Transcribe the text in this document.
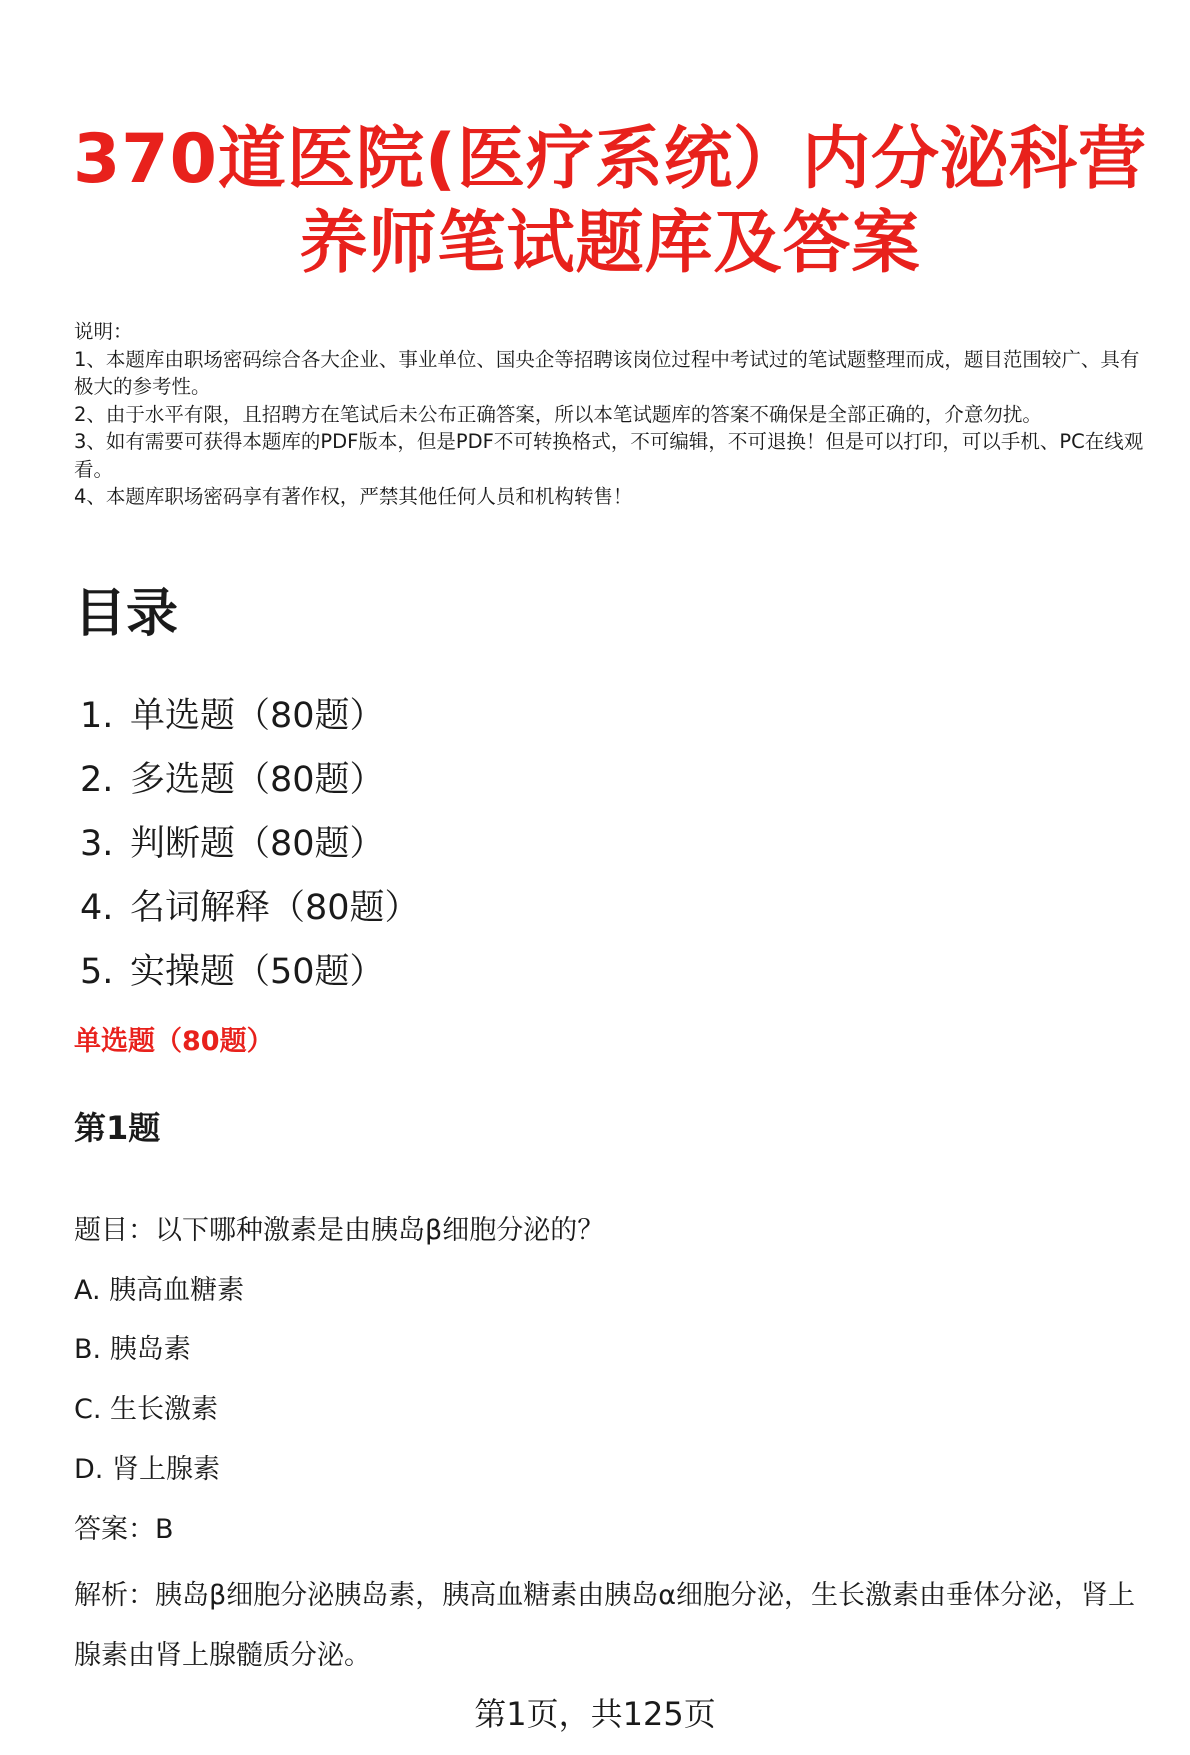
370道医院(医疗系统）内分泌科营养师笔试题库及答案

说明：

1、本题库由职场密码综合各大企业、事业单位、国央企等招聘该岗位过程中考试过的笔试题整理而成，题目范围较广、具有极大的参考性。

2、由于水平有限，且招聘方在笔试后未公布正确答案，所以本笔试题库的答案不确保是全部正确的，介意勿扰。

3、如有需要可获得本题库的PDF版本，但是PDF不可转换格式，不可编辑，不可退换！但是可以打印，可以手机、PC在线观看。

4、本题库职场密码享有著作权，严禁其他任何人员和机构转售！

目录
1. 单选题（80题）
2. 多选题（80题）
3. 判断题（80题）
4. 名词解释（80题）
5. 实操题（50题）
单选题（80题）
第1题
题目：以下哪种激素是由胰岛β细胞分泌的？
A. 胰高血糖素
B. 胰岛素
C. 生长激素
D. 肾上腺素
答案：B
解析：胰岛β细胞分泌胰岛素，胰高血糖素由胰岛α细胞分泌，生长激素由垂体分泌，肾上腺素由肾上腺髓质分泌。
第1页，共125页
